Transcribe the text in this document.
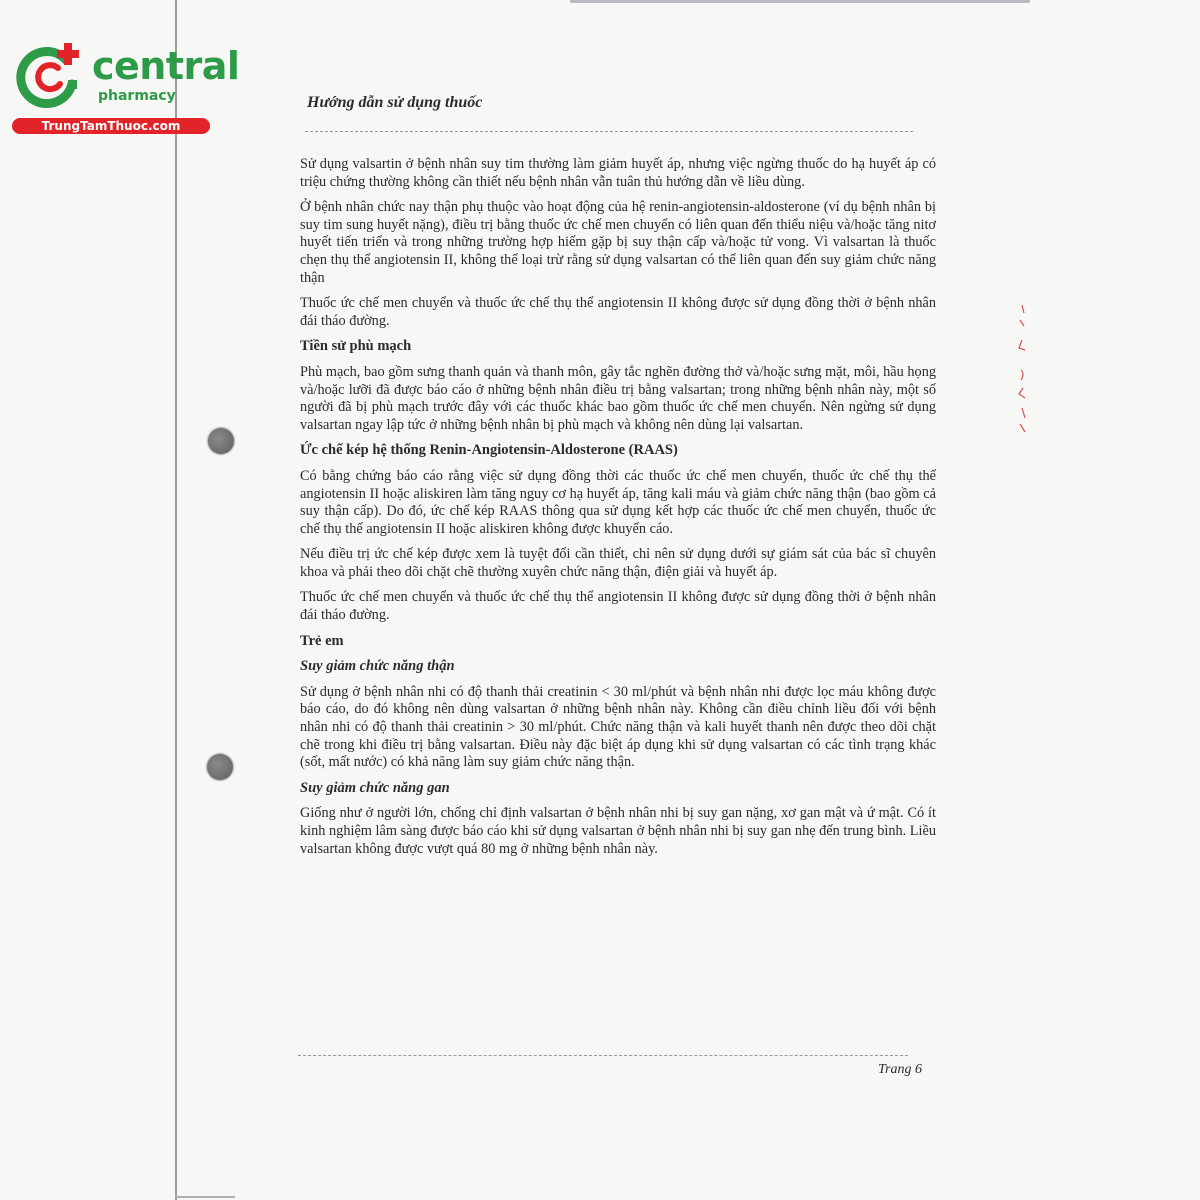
central
pharmacy
TrungTamThuoc.com
Hướng dẫn sử dụng thuốc

Sử dụng valsartin ở bệnh nhân suy tim thường làm giảm huyết áp, nhưng việc ngừng thuốc do hạ huyết áp có triệu chứng thường không cần thiết nếu bệnh nhân vẫn tuân thủ hướng dẫn về liều dùng.

Ở bệnh nhân chức nay thận phụ thuộc vào hoạt động của hệ renin-angiotensin-aldosterone (ví dụ bệnh nhân bị suy tim sung huyết nặng), điều trị bằng thuốc ức chế men chuyển có liên quan đến thiểu niệu và/hoặc tăng nitơ huyết tiến triển và trong những trường hợp hiếm gặp bị suy thận cấp và/hoặc tử vong. Vì valsartan là thuốc chẹn thụ thể angiotensin II, không thể loại trừ rằng sử dụng valsartan có thể liên quan đến suy giảm chức năng thận

Thuốc ức chế men chuyển và thuốc ức chế thụ thể angiotensin II không được sử dụng đồng thời ở bệnh nhân đái tháo đường.

Tiền sử phù mạch

Phù mạch, bao gồm sưng thanh quản và thanh môn, gây tắc nghẽn đường thở và/hoặc sưng mặt, môi, hầu họng và/hoặc lưỡi đã được báo cáo ở những bệnh nhân điều trị bằng valsartan; trong những bệnh nhân này, một số người đã bị phù mạch trước đây với các thuốc khác bao gồm thuốc ức chế men chuyển. Nên ngừng sử dụng valsartan ngay lập tức ở những bệnh nhân bị phù mạch và không nên dùng lại valsartan.

Ức chế kép hệ thống Renin-Angiotensin-Aldosterone (RAAS)

Có bằng chứng báo cáo rằng việc sử dụng đồng thời các thuốc ức chế men chuyển, thuốc ức chế thụ thể angiotensin II hoặc aliskiren làm tăng nguy cơ hạ huyết áp, tăng kali máu và giảm chức năng thận (bao gồm cả suy thận cấp). Do đó, ức chế kép RAAS thông qua sử dụng kết hợp các thuốc ức chế men chuyển, thuốc ức chế thụ thể angiotensin II hoặc aliskiren không được khuyến cáo.

Nếu điều trị ức chế kép được xem là tuyệt đối cần thiết, chỉ nên sử dụng dưới sự giám sát của bác sĩ chuyên khoa và phải theo dõi chặt chẽ thường xuyên chức năng thận, điện giải và huyết áp.

Thuốc ức chế men chuyển và thuốc ức chế thụ thể angiotensin II không được sử dụng đồng thời ở bệnh nhân đái tháo đường.

Trẻ em
Suy giảm chức năng thận

Sử dụng ở bệnh nhân nhi có độ thanh thải creatinin < 30 ml/phút và bệnh nhân nhi được lọc máu không được báo cáo, do đó không nên dùng valsartan ở những bệnh nhân này. Không cần điều chỉnh liều đối với bệnh nhân nhi có độ thanh thải creatinin > 30 ml/phút. Chức năng thận và kali huyết thanh nên được theo dõi chặt chẽ trong khi điều trị bằng valsartan. Điều này đặc biệt áp dụng khi sử dụng valsartan có các tình trạng khác (sốt, mất nước) có khả năng làm suy giảm chức năng thận.

Suy giảm chức năng gan

Giống như ở người lớn, chống chỉ định valsartan ở bệnh nhân nhi bị suy gan nặng, xơ gan mật và ứ mật. Có ít kinh nghiệm lâm sàng được báo cáo khi sử dụng valsartan ở bệnh nhân nhi bị suy gan nhẹ đến trung bình. Liều valsartan không được vượt quá 80 mg ở những bệnh nhân này.

Trang 6
